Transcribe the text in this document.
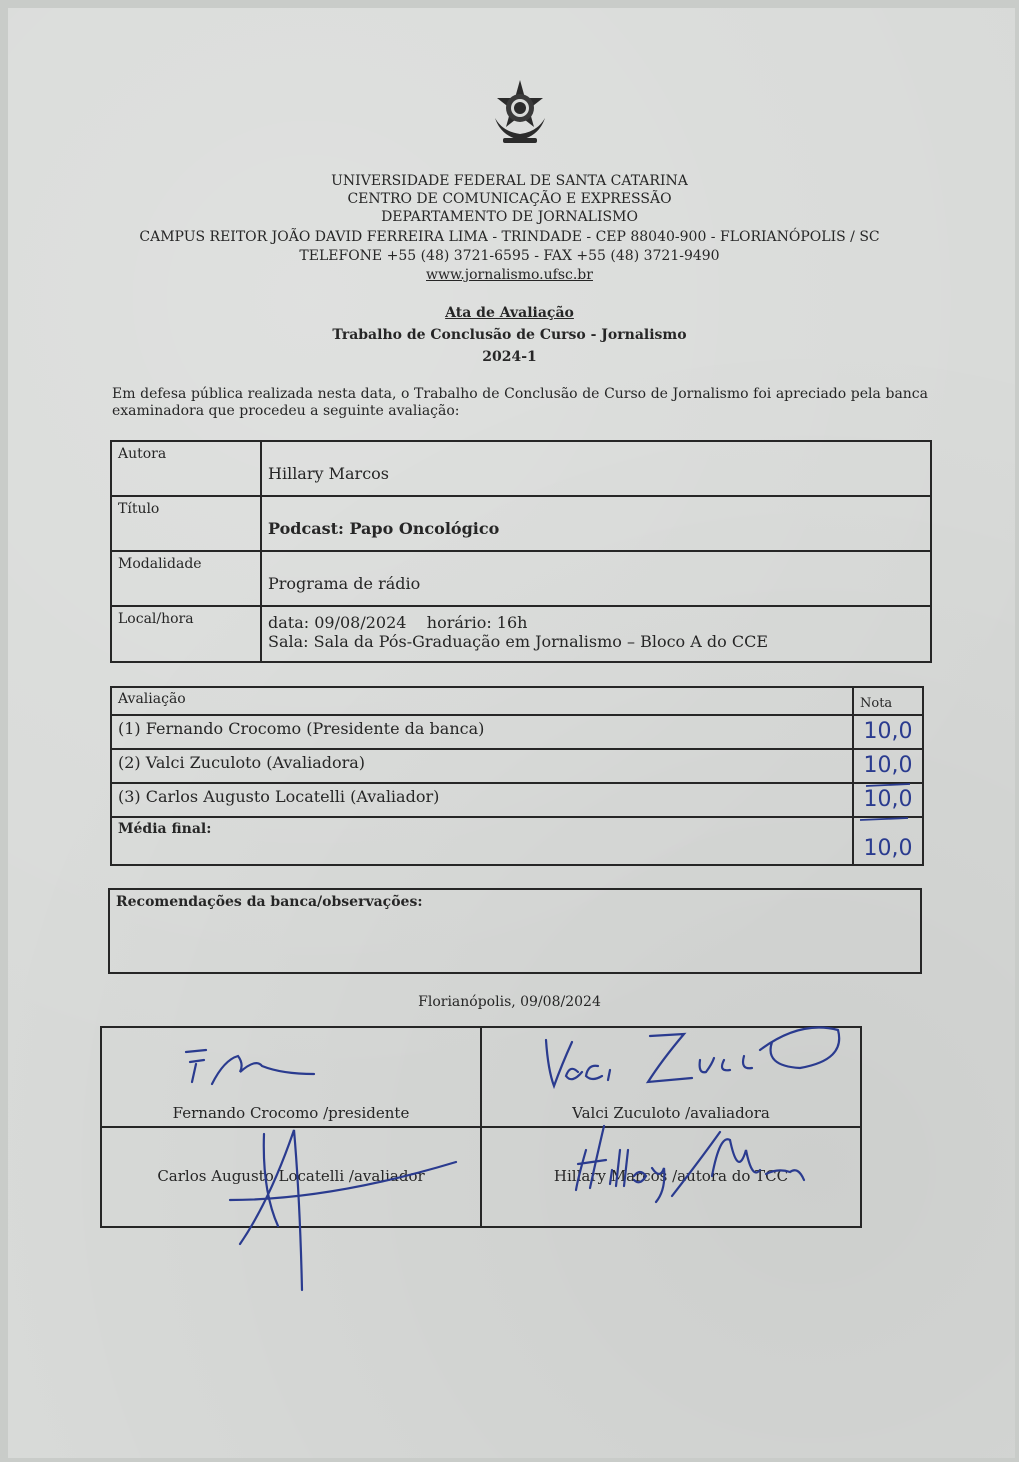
UNIVERSIDADE FEDERAL DE SANTA CATARINA
CENTRO DE COMUNICAÇÃO E EXPRESSÃO
DEPARTAMENTO DE JORNALISMO
CAMPUS REITOR JOÃO DAVID FERREIRA LIMA - TRINDADE - CEP 88040-900 - FLORIANÓPOLIS / SC
TELEFONE +55 (48) 3721-6595 - FAX +55 (48) 3721-9490
www.jornalismo.ufsc.br
Ata de Avaliação
Trabalho de Conclusão de Curso - Jornalismo
2024-1
Em defesa pública realizada nesta data, o Trabalho de Conclusão de Curso de Jornalismo foi apreciado pela banca examinadora que procedeu a seguinte avaliação:
Autora	Hillary Marcos
Título	Podcast: Papo Oncológico
Modalidade	Programa de rádio
Local/hora	data: 09/08/2024 horário: 16h
Sala: Sala da Pós-Graduação em Jornalismo – Bloco A do CCE
Avaliação	Nota
(1) Fernando Crocomo (Presidente da banca)	10,0
(2) Valci Zuculoto (Avaliadora)	10,0
(3) Carlos Augusto Locatelli (Avaliador)	10,0
Média final:	10,0
Recomendações da banca/observações:
Florianópolis, 09/08/2024
Fernando Crocomo /presidente	Valci Zuculoto /avaliadora
Carlos Augusto Locatelli /avaliador	Hillary Marcos /autora do TCC
